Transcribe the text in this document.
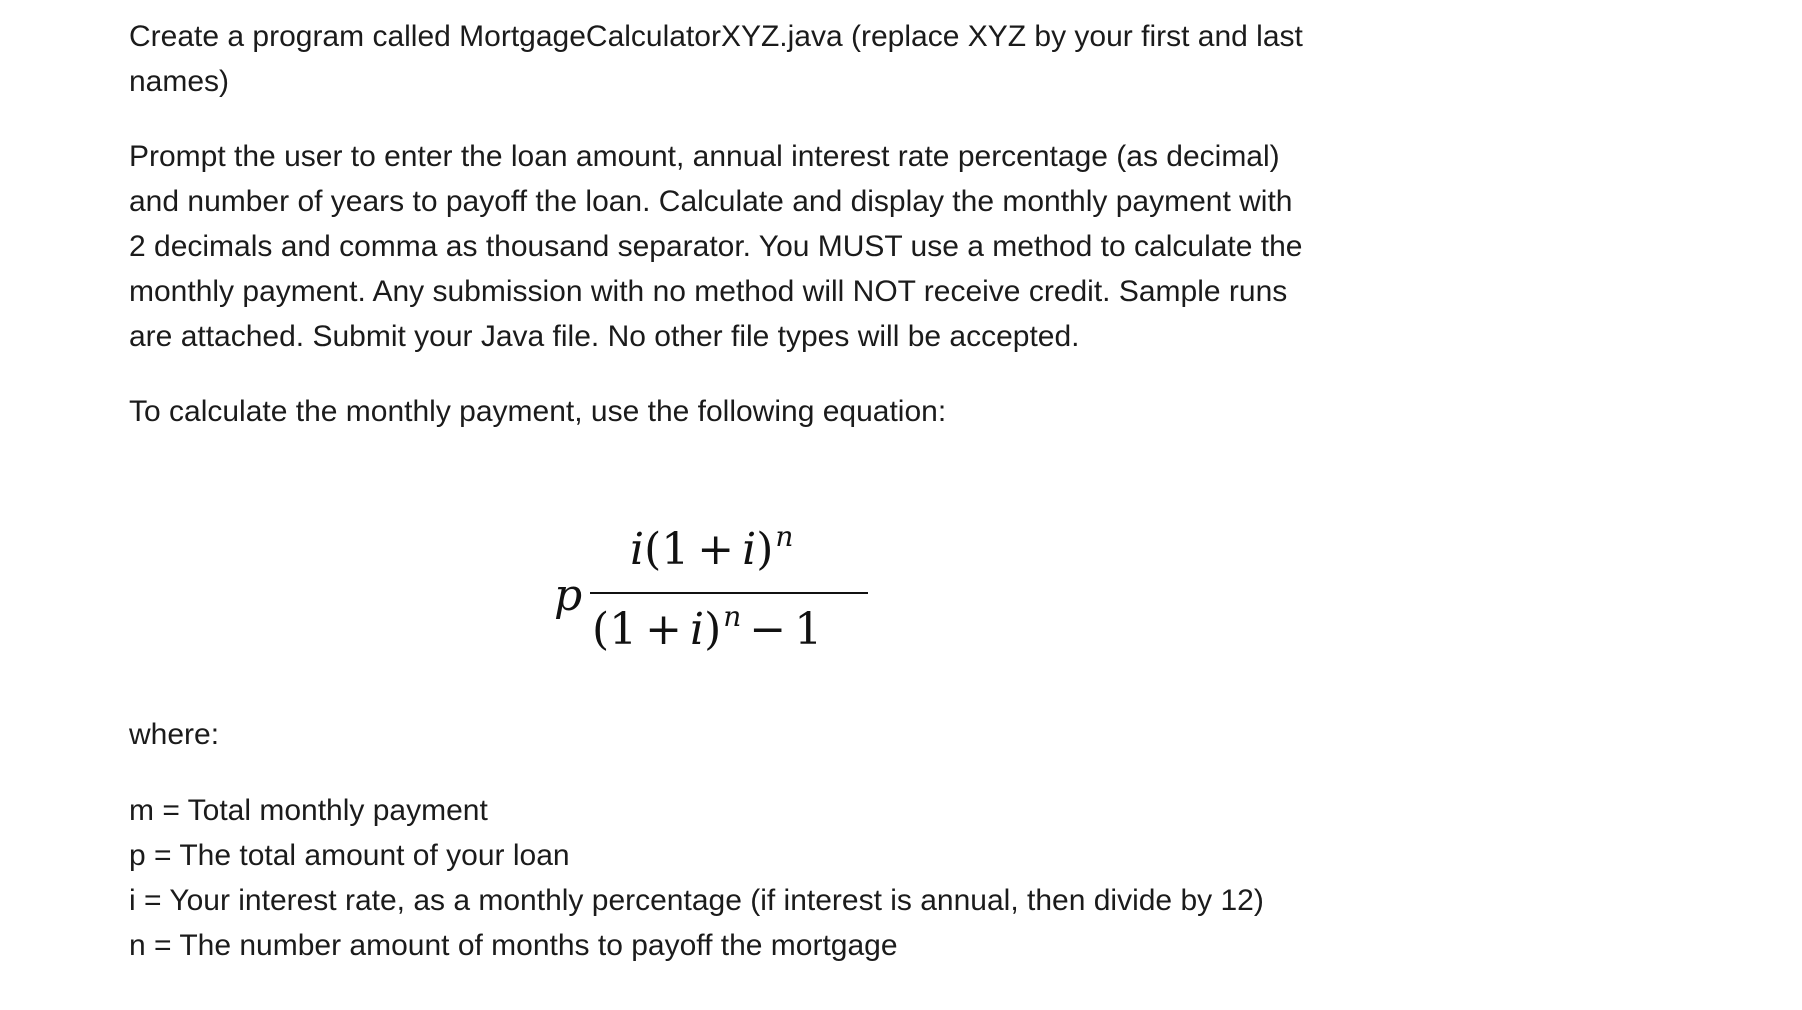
Create a program called MortgageCalculatorXYZ.java (replace XYZ by your first and last names)

Prompt the user to enter the loan amount, annual interest rate percentage (as decimal) and number of years to payoff the loan. Calculate and display the monthly payment with 2 decimals and comma as thousand separator. You MUST use a method to calculate the monthly payment. Any submission with no method will NOT receive credit. Sample runs are attached. Submit your Java file. No other file types will be accepted.

To calculate the monthly payment, use the following equation:

p
$i(1 + i)^n$
$(1 + i)^n - 1$

where:

m = Total monthly payment
p = The total amount of your loan
i = Your interest rate, as a monthly percentage (if interest is annual, then divide by 12)
n = The number amount of months to payoff the mortgage
